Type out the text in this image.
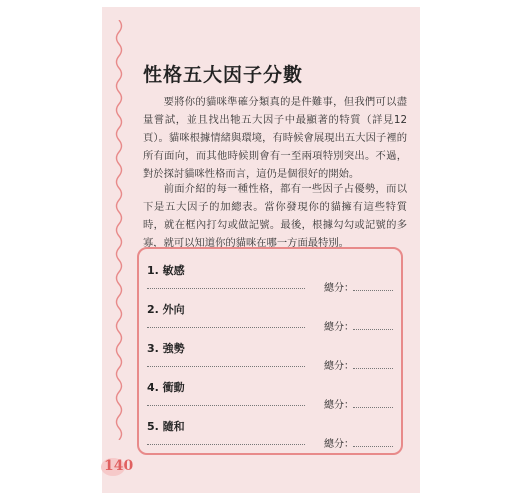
性格五大因子分數

要將你的貓咪準確分類真的是件難事，但我們可以盡量嘗試，並且找出牠五大因子中最顯著的特質（詳見12頁）。貓咪根據情緒與環境，有時候會展現出五大因子裡的所有面向，而其他時候則會有一至兩項特別突出。不過，對於探討貓咪性格而言，這仍是個很好的開始。

前面介紹的每一種性格，都有一些因子占優勢，而以下是五大因子的加總表。當你發現你的貓擁有這些特質時，就在框內打勾或做記號。最後，根據勾勾或記號的多寡，就可以知道你的貓咪在哪一方面最特別。

1. 敏感
總分：
2. 外向
總分：
3. 強勢
總分：
4. 衝動
總分：
5. 隨和
總分：
140
